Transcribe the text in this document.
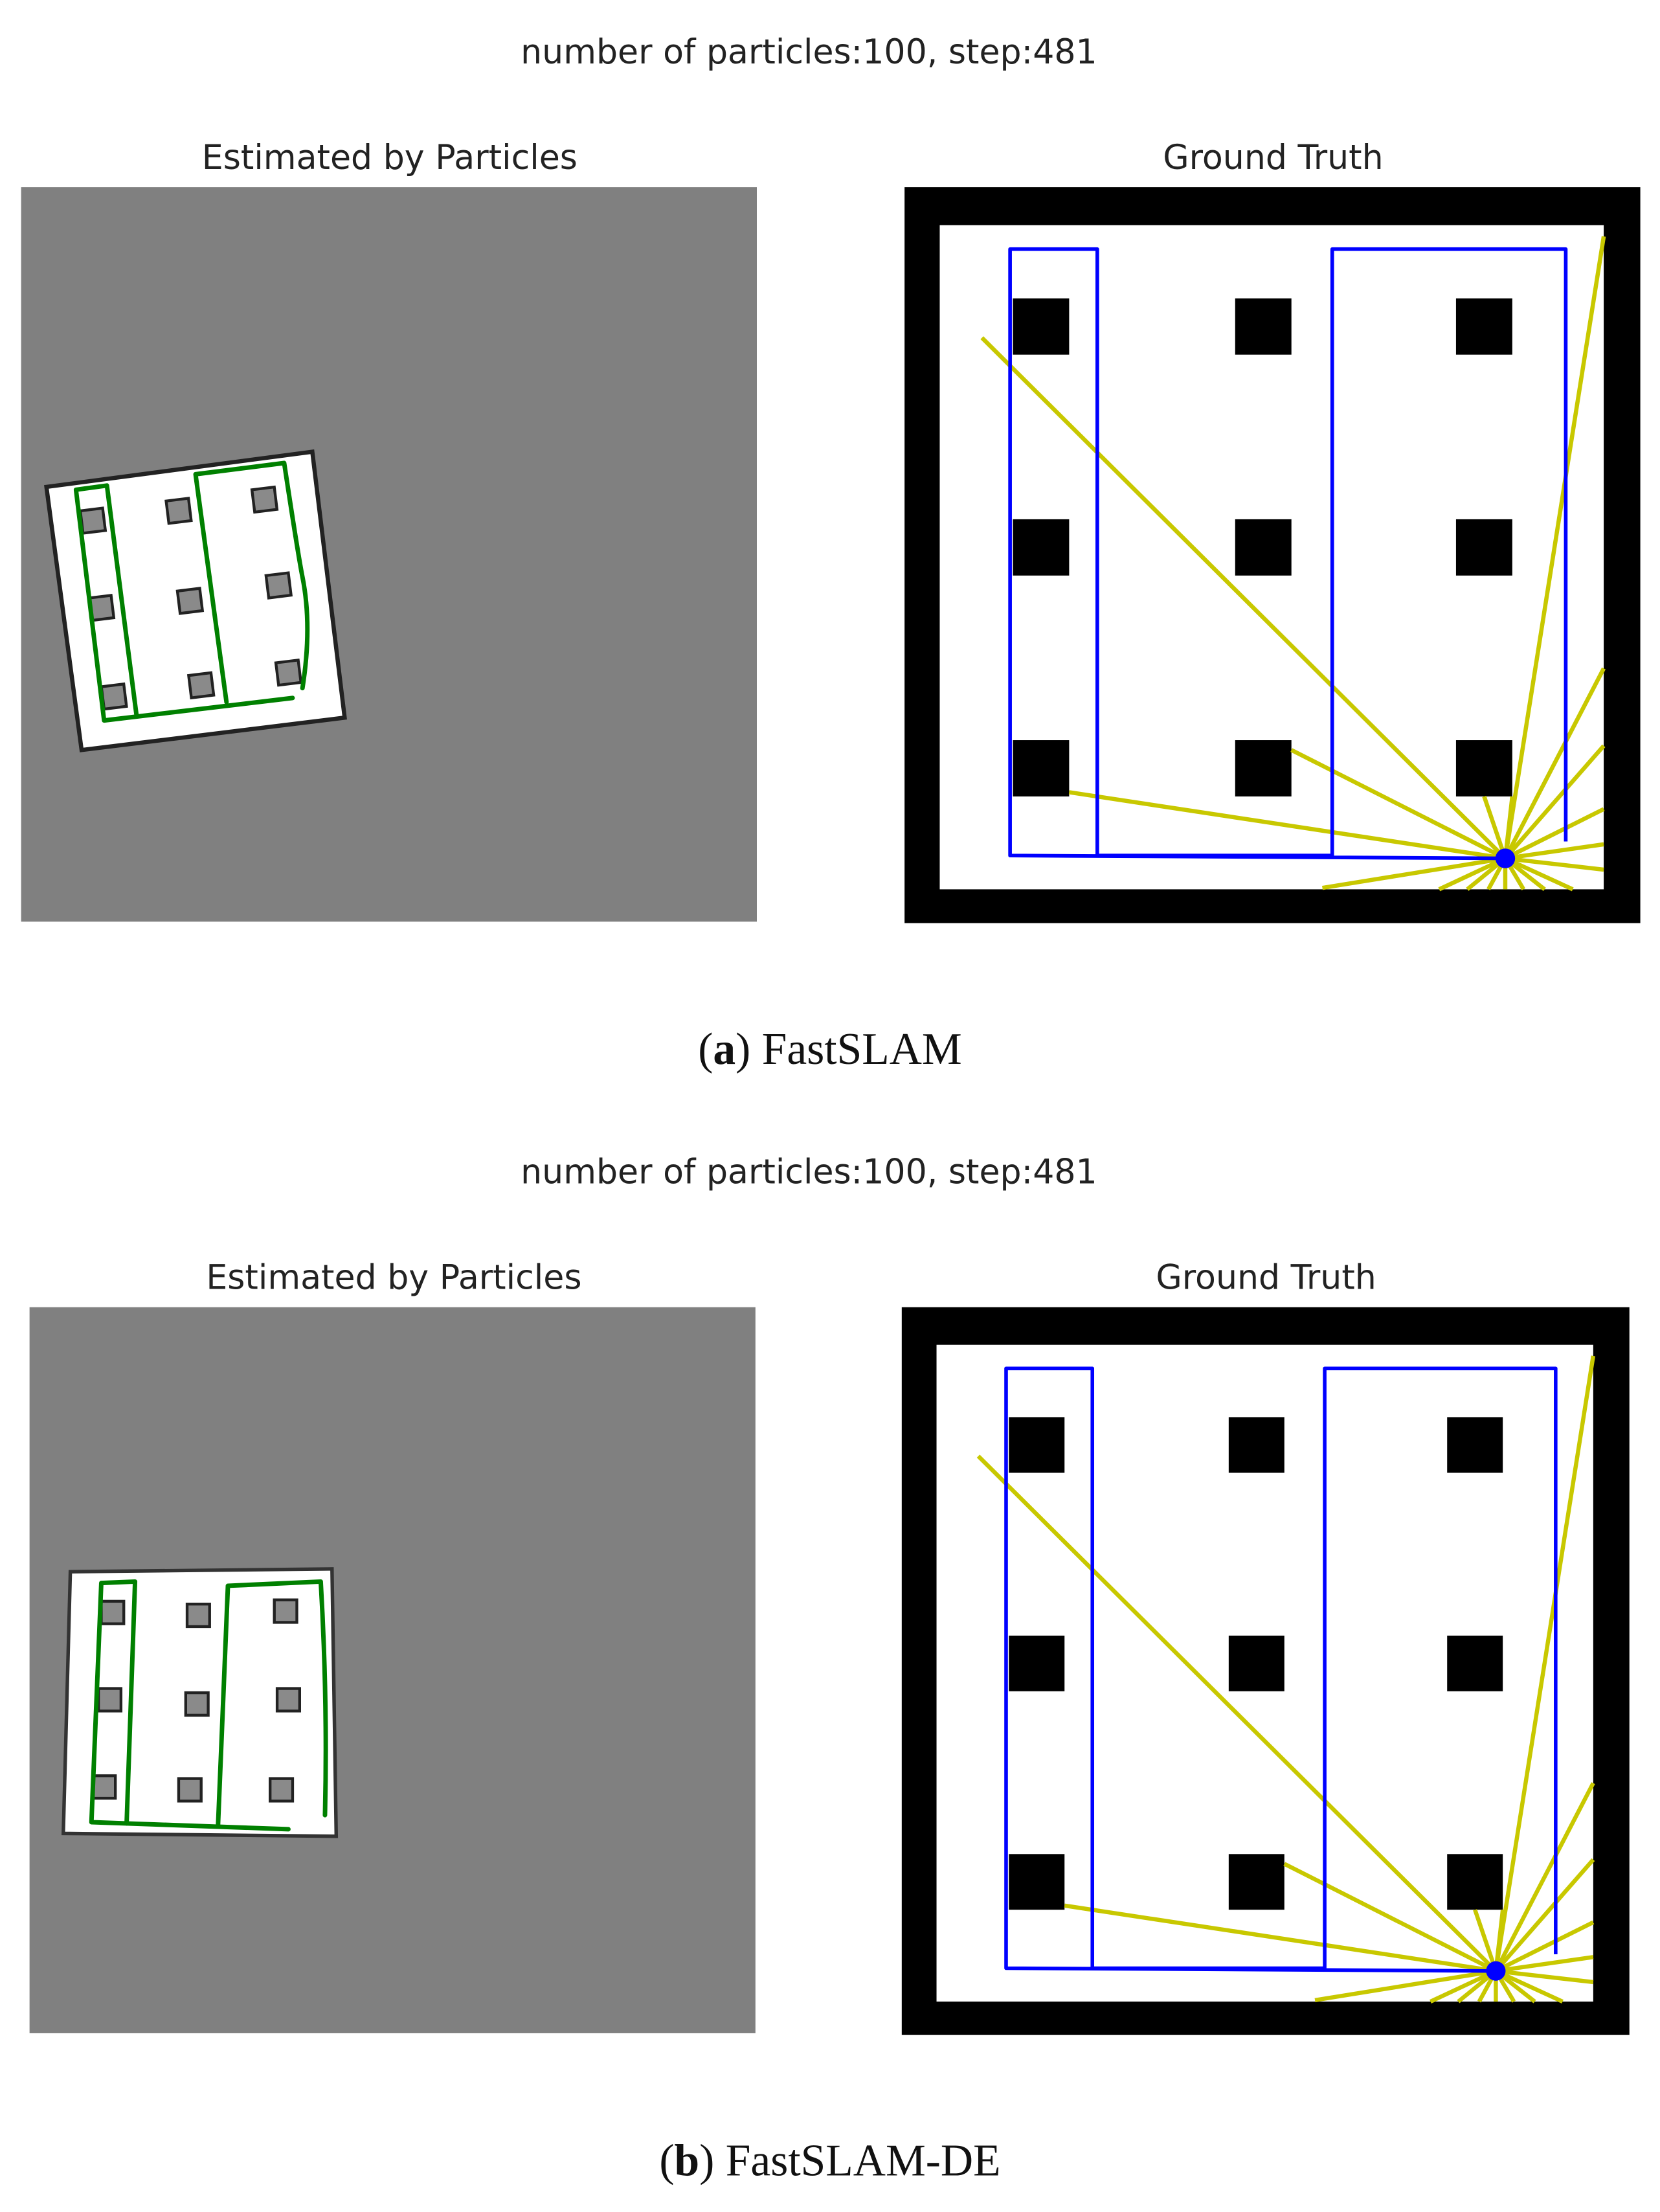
number of particles:100, step:481
Estimated by Particles	Ground Truth
(a) FastSLAM
number of particles:100, step:481
Estimated by Particles	Ground Truth
(b) FastSLAM-DE
